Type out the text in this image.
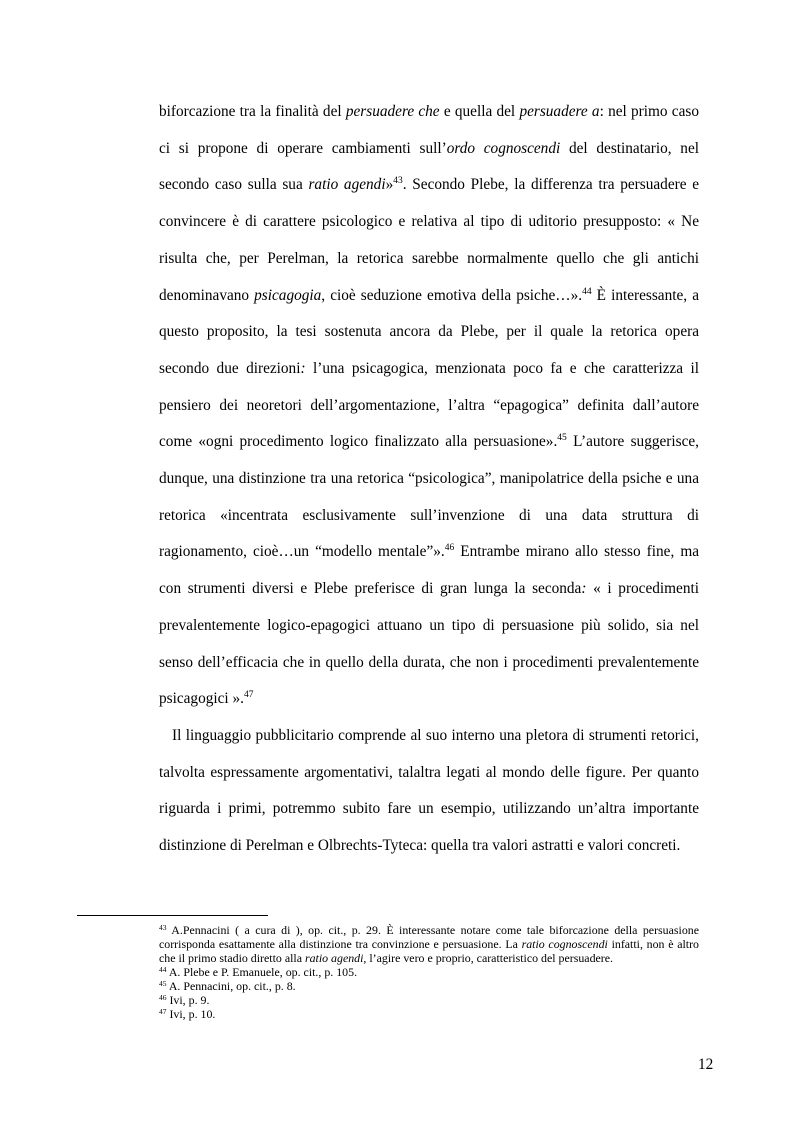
biforcazione tra la finalità del persuadere che e quella del persuadere a: nel primo caso ci si propone di operare cambiamenti sull’ordo cognoscendi del destinatario, nel secondo caso sulla sua ratio agendi»$^{43}$. Secondo Plebe, la differenza tra persuadere e convincere è di carattere psicologico e relativa al tipo di uditorio presupposto: « Ne risulta che, per Perelman, la retorica sarebbe normalmente quello che gli antichi denominavano psicagogia, cioè seduzione emotiva della psiche…».$^{44}$ È interessante, a questo proposito, la tesi sostenuta ancora da Plebe, per il quale la retorica opera secondo due direzioni: l’una psicagogica, menzionata poco fa e che caratterizza il pensiero dei neoretori dell’argomentazione, l’altra “epagogica” definita dall’autore come «ogni procedimento logico finalizzato alla persuasione».$^{45}$ L’autore suggerisce, dunque, una distinzione tra una retorica “psicologica”, manipolatrice della psiche e una retorica «incentrata esclusivamente sull’invenzione di una data struttura di ragionamento, cioè…un “modello mentale”».$^{46}$ Entrambe mirano allo stesso fine, ma con strumenti diversi e Plebe preferisce di gran lunga la seconda: « i procedimenti prevalentemente logico-epagogici attuano un tipo di persuasione più solido, sia nel senso dell’efficacia che in quello della durata, che non i procedimenti prevalentemente psicagogici ».$^{47}$

Il linguaggio pubblicitario comprende al suo interno una pletora di strumenti retorici, talvolta espressamente argomentativi, talaltra legati al mondo delle figure. Per quanto riguarda i primi, potremmo subito fare un esempio, utilizzando un’altra importante distinzione di Perelman e Olbrechts-Tyteca: quella tra valori astratti e valori concreti.

$^{43}$ A.Pennacini ( a cura di ), op. cit., p. 29. È interessante notare come tale biforcazione della persuasione corrisponda esattamente alla distinzione tra convinzione e persuasione. La ratio cognoscendi infatti, non è altro che il primo stadio diretto alla ratio agendi, l’agire vero e proprio, caratteristico del persuadere.

$^{44}$ A. Plebe e P. Emanuele, op. cit., p. 105.

$^{45}$ A. Pennacini, op. cit., p. 8.

$^{46}$ Ivi, p. 9.

$^{47}$ Ivi, p. 10.

12
